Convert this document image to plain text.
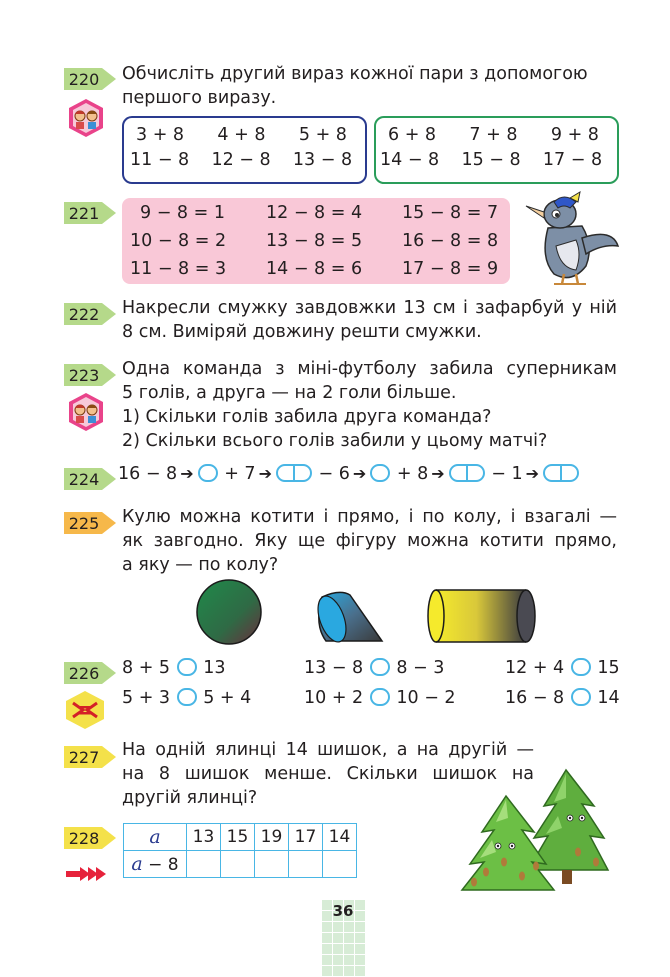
220 Обчисліть другий вираз кожної пари з допомогою
першого виразу.
3 + 8      4 + 8      5 + 8
11 − 8    12 − 8    13 − 8
6 + 8      7 + 8      9 + 8
14 − 8    15 − 8    17 − 8
221 9 − 8 = 1 12 − 8 = 4 15 − 8 = 7
10 − 8 = 2 13 − 8 = 5 16 − 8 = 8
11 − 8 = 3 14 − 8 = 6 17 − 8 = 9
222 Накресли смужку завдовжки 13 см і зафарбуй у ній
8 см. Виміряй довжину решти смужки.
223 Одна команда з міні-футболу забила суперникам
5 голів, а друга — на 2 голи більше.
1) Скільки голів забила друга команда?
2) Скільки всього голів забили у цьому матчі?
224 16 − 8 ➔ + 7 ➔	− 6 ➔ + 8 ➔	− 1 ➔
225 Кулю можна котити і прямо, і по колу, і взагалі —
як завгодно. Яку ще фігуру можна котити прямо,
а яку — по колу?
226 8 + 5 13	13 − 8 8 − 3	12 + 4 15
5 + 3 5 + 4	10 + 2 10 − 2	16 − 8 14
227 На одній ялинці 14 шишок, а на другій —
на 8 шишок менше. Скільки шишок на
другій ялинці?
228	a	13	15	19	17	14
a − 8					
36
